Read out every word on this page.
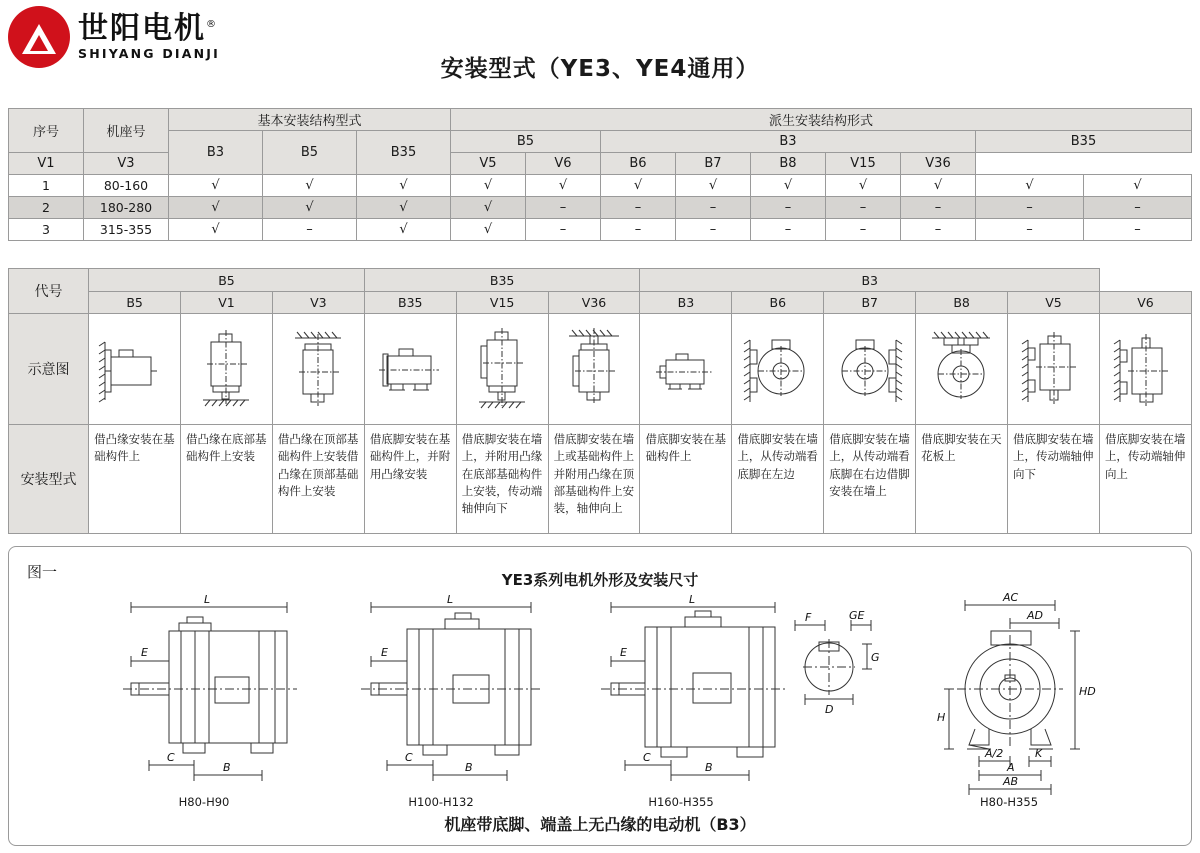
世阳电机®
SHIYANG DIANJI
安装型式（YE3、YE4通用）
序号	机座号	基本安装结构型式			派生安装结构形式								
		B3	B5	B35	B5		B3					B35	
V1	V3				V5	V6	B6	B7	B8	V15	V36		
1	80-160	√	√	√	√	√	√	√	√	√	√	√	√
2	180-280	√	√	√	√	–	–	–	–	–	–	–	–
3	315-355	√	–	√	√	–	–	–	–	–	–	–	–
代号	B5			B35			B3					
	B5	V1	V3	B35	V15	V36	B3	B6	B7	B8	V5	V6
示意图	

安装型式	借凸缘安装在基础构件上	借凸缘在底部基础构件上安装	借凸缘在顶部基础构件上安装借凸缘在顶部基础构件上安装	借底脚安装在基础构件上，并附用凸缘安装	借底脚安装在墙上，并附用凸缘在底部基础构件上安装，传动端轴伸向下	借底脚安装在墙上或基础构件上并附用凸缘在顶部基础构件上安装，轴伸向上	借底脚安装在基础构件上	借底脚安装在墙上，从传动端看底脚在左边	借底脚安装在墙上，从传动端看底脚在右边借脚安装在墙上	借底脚安装在天花板上	借底脚安装在墙上，传动端轴伸向下	借底脚安装在墙上，传动端轴伸向上
图一	YE3系列电机外形及安装尺寸
L
E
C
B
L
E
C
B
L
E
C
B
F	GE
G
D
AC
AD
H
HD
A/2	K
A
AB
H80-H90	H100-H132	H160-H355	H80-H355
机座带底脚、端盖上无凸缘的电动机（B3）
